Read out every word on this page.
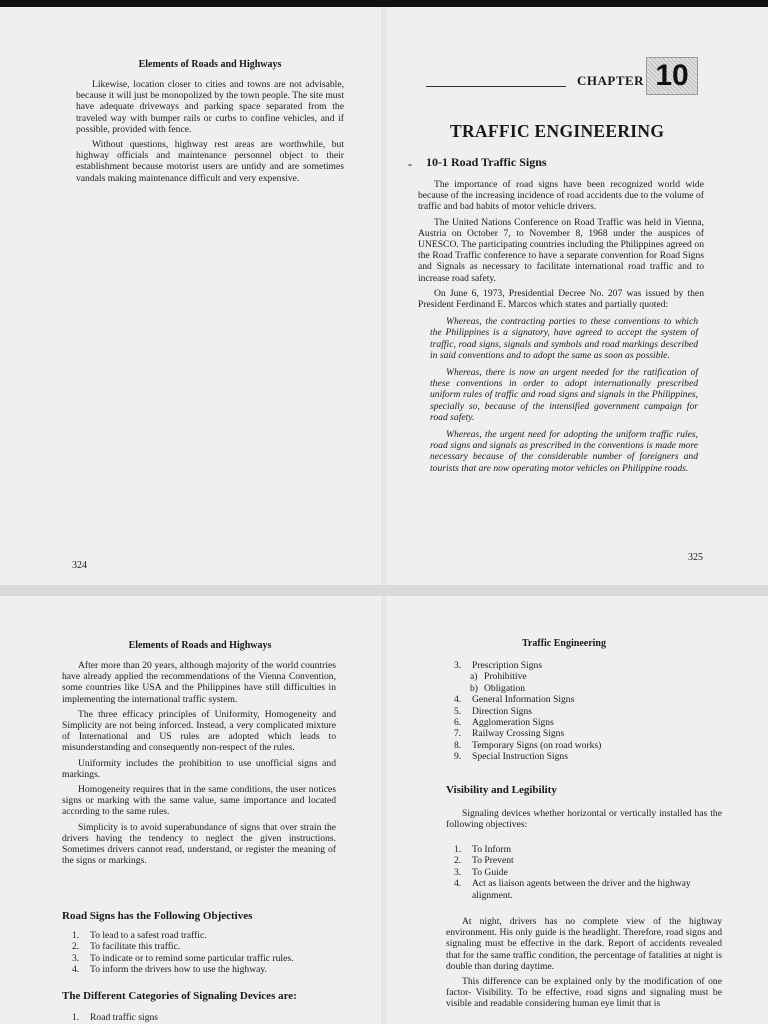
Elements of Roads and Highways

Likewise, location closer to cities and towns are not advisable, because it will just be monopolized by the town people. The site must have adequate driveways and parking space separated from the traveled way with bumper rails or curbs to confine vehicles, and if possible, provided with fence.

Without questions, highway rest areas are worthwhile, but highway officials and maintenance personnel object to their establishment because motorist users are untidy and are sometimes vandals making maintenance difficult and very expensive.

324
CHAPTER 10
TRAFFIC ENGINEERING
- 10-1 Road Traffic Signs

The importance of road signs have been recognized world wide because of the increasing incidence of road accidents due to the volume of traffic and bad habits of motor vehicle drivers.

The United Nations Conference on Road Traffic was held in Vienna, Austria on October 7, to November 8, 1968 under the auspices of UNESCO. The participating countries including the Philippines agreed on the Road Traffic conference to have a separate convention for Road Signs and Signals as necessary to facilitate international road traffic and to increase road safety.

On June 6, 1973, Presidential Decree No. 207 was issued by then President Ferdinand E. Marcos which states and partially quoted:

Whereas, the contracting parties to these conventions to which the Philippines is a signatory, have agreed to accept the system of traffic, road signs, signals and symbols and road markings described in said conventions and to adopt the same as soon as possible.

Whereas, there is now an urgent needed for the ratification of these conventions in order to adopt internationally prescribed uniform rules of traffic and road signs and signals in the Philippines, specially so, because of the intensified government campaign for road safety.

Whereas, the urgent need for adopting the uniform traffic rules, road signs and signals as prescribed in the conventions is made more necessary because of the considerable number of foreigners and tourists that are now operating motor vehicles on Philippine roads.

325
Elements of Roads and Highways

After more than 20 years, although majority of the world countries have already applied the recommendations of the Vienna Convention, some countries like USA and the Philippines have still difficulties in implementing the international traffic system.

The three efficacy principles of Uniformity, Homogeneity and Simplicity are not being inforced. Instead, a very complicated mixture of International and US rules are adopted which leads to misunderstanding and consequently non-respect of the rules.

Uniformity includes the prohibition to use unofficial signs and markings.

Homogeneity requires that in the same conditions, the user notices signs or marking with the same value, same importance and located according to the same rules.

Simplicity is to avoid superabundance of signs that over strain the drivers having the tendency to neglect the given instructions. Sometimes drivers cannot read, understand, or register the meaning of the signs or markings.

Road Signs has the Following Objectives
1. To lead to a safest road traffic.
2. To facilitate this traffic.
3. To indicate or to remind some particular traffic rules.
4. To inform the drivers how to use the highway.
The Different Categories of Signaling Devices are:
1. Road traffic signs
Traffic Engineering
3. Prescription Signs
a) Prohibitive
b) Obligation
4. General Information Signs
5. Direction Signs
6. Agglomeration Signs
7. Railway Crossing Signs
8. Temporary Signs (on road works)
9. Special Instruction Signs
Visibility and Legibility

Signaling devices whether horizontal or vertically installed has the following objectives:

1. To Inform
2. To Prevent
3. To Guide
4. Act as liaison agents between the driver and the highway alignment.

At night, drivers has no complete view of the highway environment. His only guide is the headlight. Therefore, road signs and signaling must be effective in the dark. Report of accidents revealed that for the same traffic condition, the percentage of fatalities at night is double than during daytime.

This difference can be explained only by the modification of one factor- Visibility. To be effective, road signs and signaling must be visible and readable considering human eye limit that is
